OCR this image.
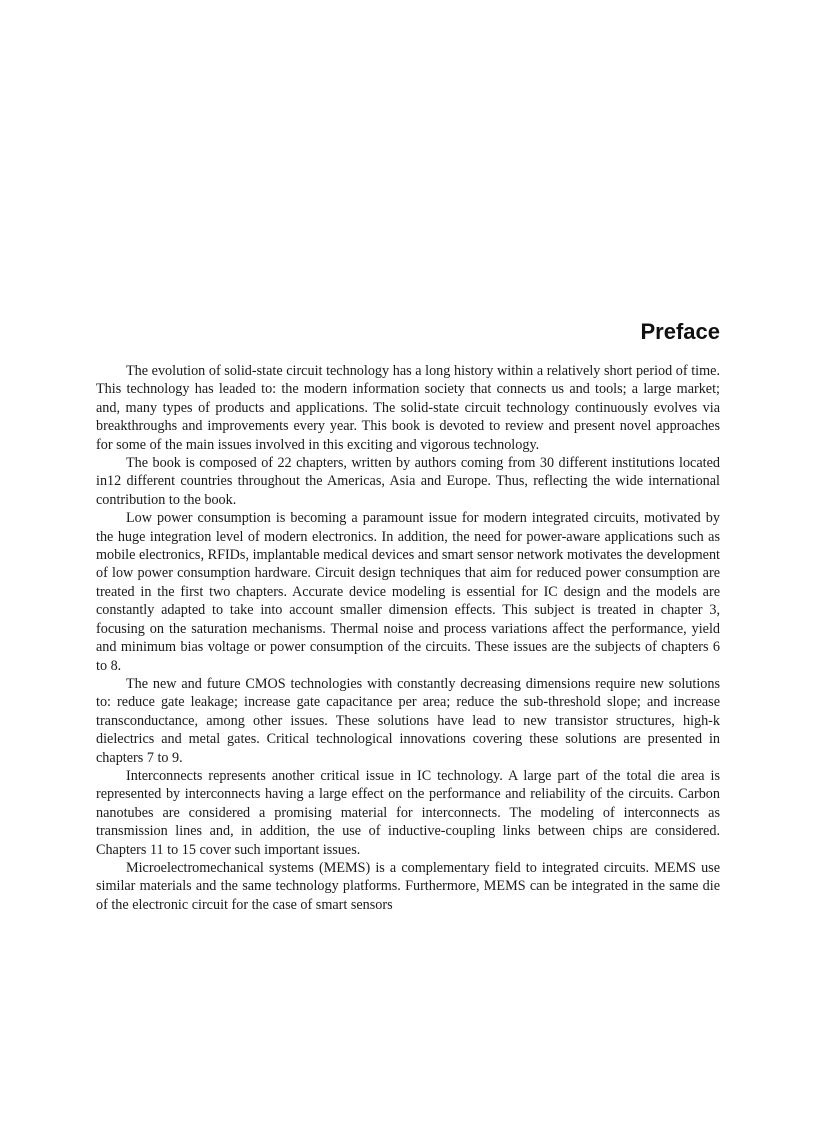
Preface

The evolution of solid-state circuit technology has a long history within a relatively short period of time. This technology has leaded to: the modern information society that connects us and tools; a large market; and, many types of products and applications. The solid-state circuit technology continuously evolves via breakthroughs and improvements every year. This book is devoted to review and present novel approaches for some of the main issues involved in this exciting and vigorous technology.

The book is composed of 22 chapters, written by authors coming from 30 different institutions located in12 different countries throughout the Americas, Asia and Europe. Thus, reflecting the wide international contribution to the book.

Low power consumption is becoming a paramount issue for modern integrated circuits, motivated by the huge integration level of modern electronics. In addition, the need for power-aware applications such as mobile electronics, RFIDs, implantable medical devices and smart sensor network motivates the development of low power consumption hardware. Circuit design techniques that aim for reduced power consumption are treated in the first two chapters. Accurate device modeling is essential for IC design and the models are constantly adapted to take into account smaller dimension effects. This subject is treated in chapter 3, focusing on the saturation mechanisms. Thermal noise and process variations affect the performance, yield and minimum bias voltage or power consumption of the circuits. These issues are the subjects of chapters 6 to 8.

The new and future CMOS technologies with constantly decreasing dimensions require new solutions to: reduce gate leakage; increase gate capacitance per area; reduce the sub-threshold slope; and increase transconductance, among other issues. These solutions have lead to new transistor structures, high-k dielectrics and metal gates. Critical technological innovations covering these solutions are presented in chapters 7 to 9.

Interconnects represents another critical issue in IC technology. A large part of the total die area is represented by interconnects having a large effect on the performance and reliability of the circuits. Carbon nanotubes are considered a promising material for interconnects. The modeling of interconnects as transmission lines and, in addition, the use of inductive-coupling links between chips are considered. Chapters 11 to 15 cover such important issues.

Microelectromechanical systems (MEMS) is a complementary field to integrated circuits. MEMS use similar materials and the same technology platforms. Furthermore, MEMS can be integrated in the same die of the electronic circuit for the case of smart sensors
